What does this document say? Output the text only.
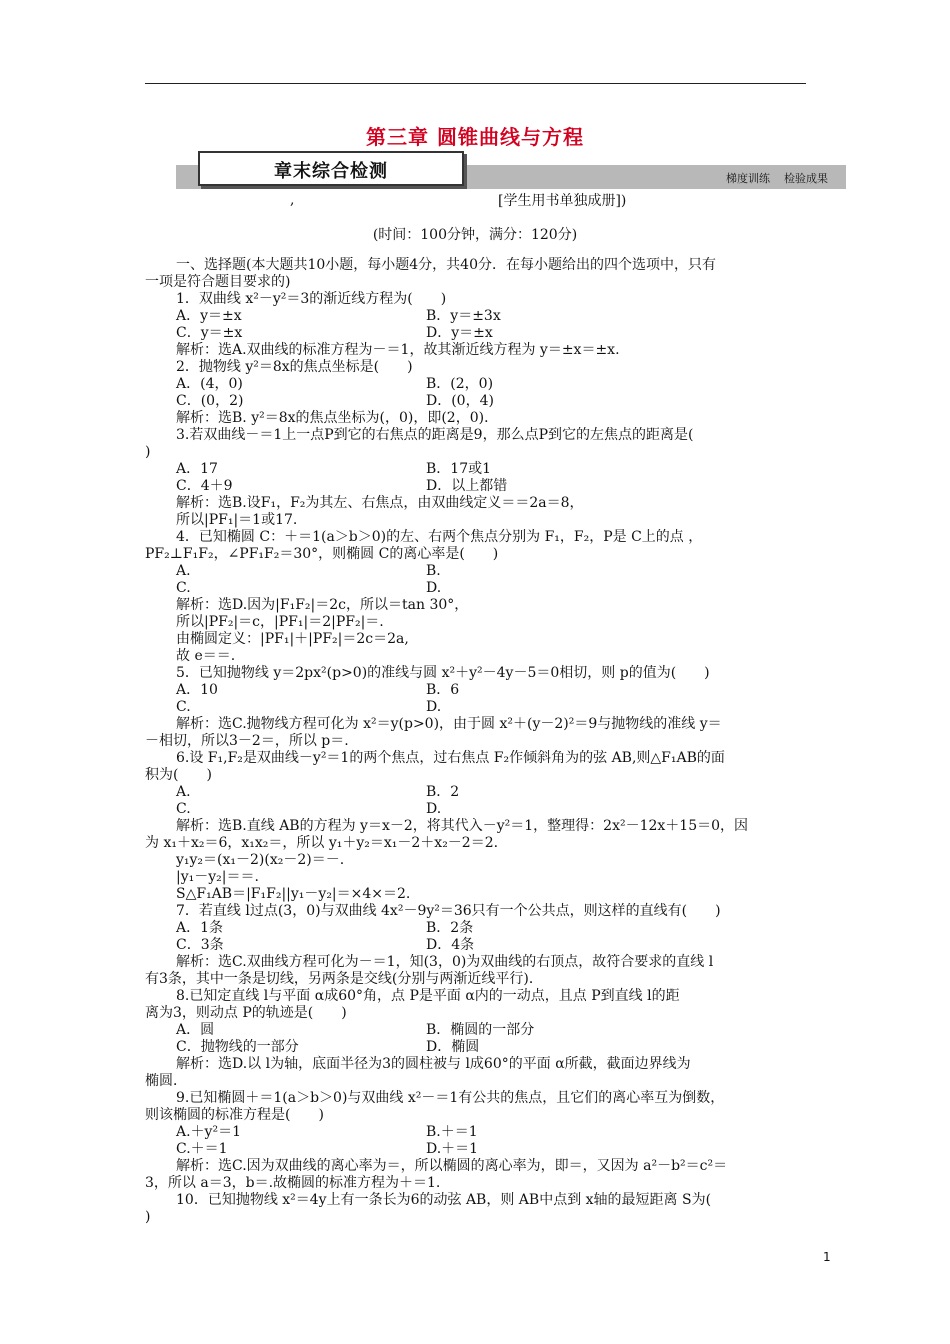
第三章 圆锥曲线与方程
梯度训练 检验成果
章末综合检测
,	[学生用书单独成册])
(时间：100分钟，满分：120分)
一、选择题(本大题共10小题，每小题4分，共40分．在每小题给出的四个选项中，只有
一项是符合题目要求的)
1．双曲线 x²－y²＝3的渐近线方程为(　　)
A．y＝±x	B．y＝±3x
C．y＝±x	D．y＝±x
解析：选A.双曲线的标准方程为－＝1，故其渐近线方程为 y＝±x＝±x.
2．抛物线 y²＝8x的焦点坐标是(　　)
A．(4，0)	B．(2，0)
C．(0，2)	D．(0，4)
解析：选B. y²＝8x的焦点坐标为(，0)，即(2，0)．
3.若双曲线－＝1上一点P到它的右焦点的距离是9，那么点P到它的左焦点的距离是(
)
A．17	B．17或1
C．4＋9	D．以上都错
解析：选B.设F₁，F₂为其左、右焦点，由双曲线定义＝＝2a＝8，
所以|PF₁|＝1或17.
4．已知椭圆 C：＋＝1(a＞b＞0)的左、右两个焦点分别为 F₁，F₂，P是 C上的点 ，
PF₂⊥F₁F₂，∠PF₁F₂＝30°，则椭圆 C的离心率是(　　)
A.	B.
C.	D.
解析：选D.因为|F₁F₂|＝2c，所以＝tan 30°，
所以|PF₂|＝c，|PF₁|＝2|PF₂|＝.
由椭圆定义：|PF₁|＋|PF₂|＝2c＝2a,
故 e＝＝.
5．已知抛物线 y＝2px²(p>0)的准线与圆 x²＋y²－4y－5＝0相切，则 p的值为(　　)
A．10	B．6
C.	D.
解析：选C.抛物线方程可化为 x²＝y(p>0)，由于圆 x²＋(y－2)²＝9与抛物线的准线 y＝
－相切，所以3－2＝，所以 p＝.
6.设 F₁,F₂是双曲线－y²＝1的两个焦点，过右焦点 F₂作倾斜角为的弦 AB,则△F₁AB的面
积为(　　)
A.	B．2
C.	D.
解析：选B.直线 AB的方程为 y＝x－2，将其代入－y²＝1，整理得：2x²－12x＋15＝0，因
为 x₁＋x₂＝6，x₁x₂＝，所以 y₁＋y₂＝x₁－2＋x₂－2＝2.
y₁y₂＝(x₁－2)(x₂－2)＝－.
|y₁－y₂|＝＝.
S△F₁AB＝|F₁F₂||y₁－y₂|＝×4×＝2.
7．若直线 l过点(3，0)与双曲线 4x²－9y²＝36只有一个公共点，则这样的直线有(　　)
A．1条	B．2条
C．3条	D．4条
解析：选C.双曲线方程可化为－＝1，知(3，0)为双曲线的右顶点，故符合要求的直线 l
有3条，其中一条是切线，另两条是交线(分别与两渐近线平行)．
8.已知定直线 l与平面 α成60°角，点 P是平面 α内的一动点，且点 P到直线 l的距
离为3，则动点 P的轨迹是(　　)
A．圆	B．椭圆的一部分
C．抛物线的一部分	D．椭圆
解析：选D.以 l为轴，底面半径为3的圆柱被与 l成60°的平面 α所截，截面边界线为
椭圆．
9.已知椭圆＋＝1(a＞b＞0)与双曲线 x²－＝1有公共的焦点，且它们的离心率互为倒数，
则该椭圆的标准方程是(　　)
A.＋y²＝1	B.＋＝1
C.＋＝1	D.＋＝1
解析：选C.因为双曲线的离心率为＝，所以椭圆的离心率为，即＝，又因为 a²－b²＝c²＝
3，所以 a＝3，b＝.故椭圆的标准方程为＋＝1.
10．已知抛物线 x²＝4y上有一条长为6的动弦 AB，则 AB中点到 x轴的最短距离 S为(
)
1
